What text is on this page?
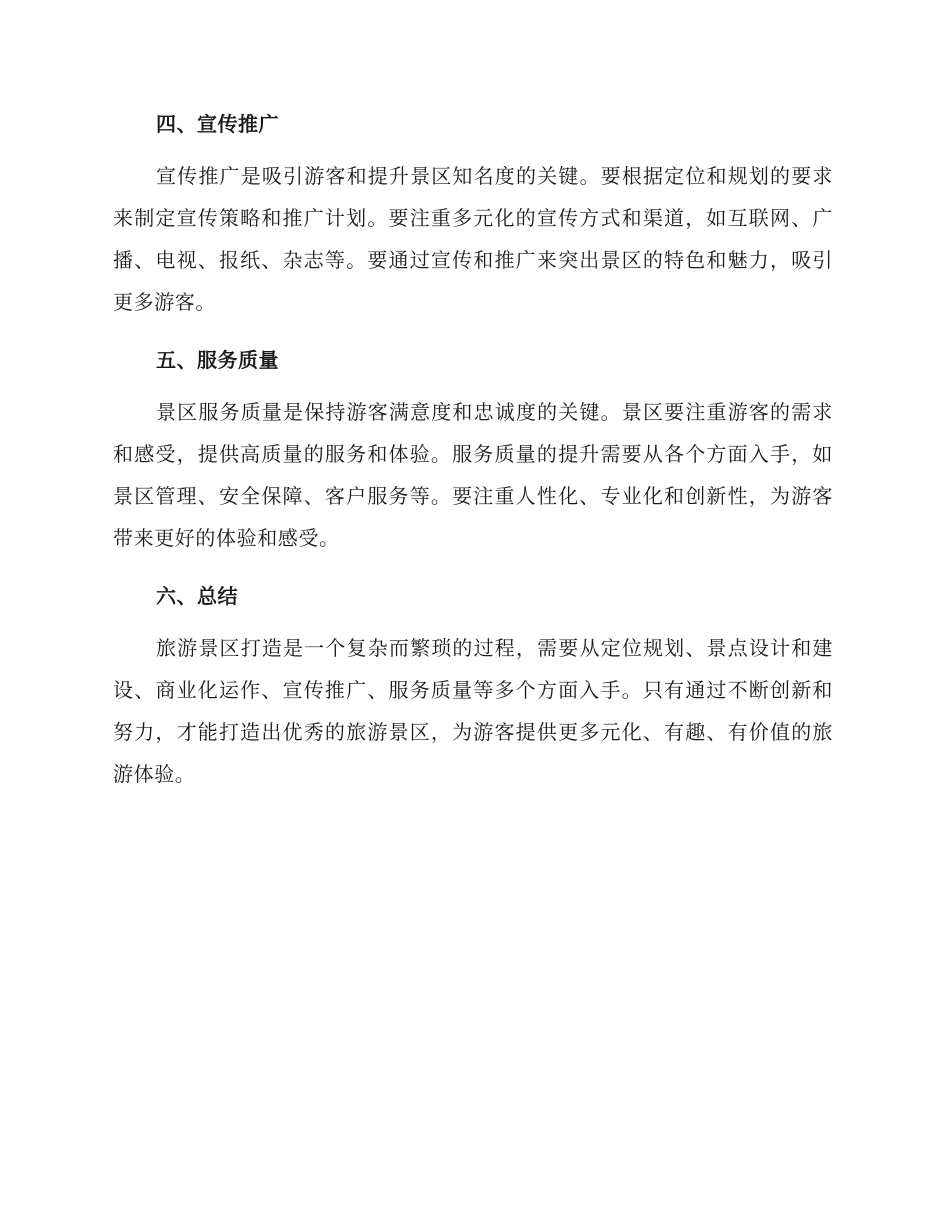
四、宣传推广

宣传推广是吸引游客和提升景区知名度的关键。要根据定位和规划的要求来制定宣传策略和推广计划。要注重多元化的宣传方式和渠道，如互联网、广播、电视、报纸、杂志等。要通过宣传和推广来突出景区的特色和魅力，吸引更多游客。

五、服务质量

景区服务质量是保持游客满意度和忠诚度的关键。景区要注重游客的需求和感受，提供高质量的服务和体验。服务质量的提升需要从各个方面入手，如景区管理、安全保障、客户服务等。要注重人性化、专业化和创新性，为游客带来更好的体验和感受。

六、总结

旅游景区打造是一个复杂而繁琐的过程，需要从定位规划、景点设计和建设、商业化运作、宣传推广、服务质量等多个方面入手。只有通过不断创新和努力，才能打造出优秀的旅游景区，为游客提供更多元化、有趣、有价值的旅游体验。
